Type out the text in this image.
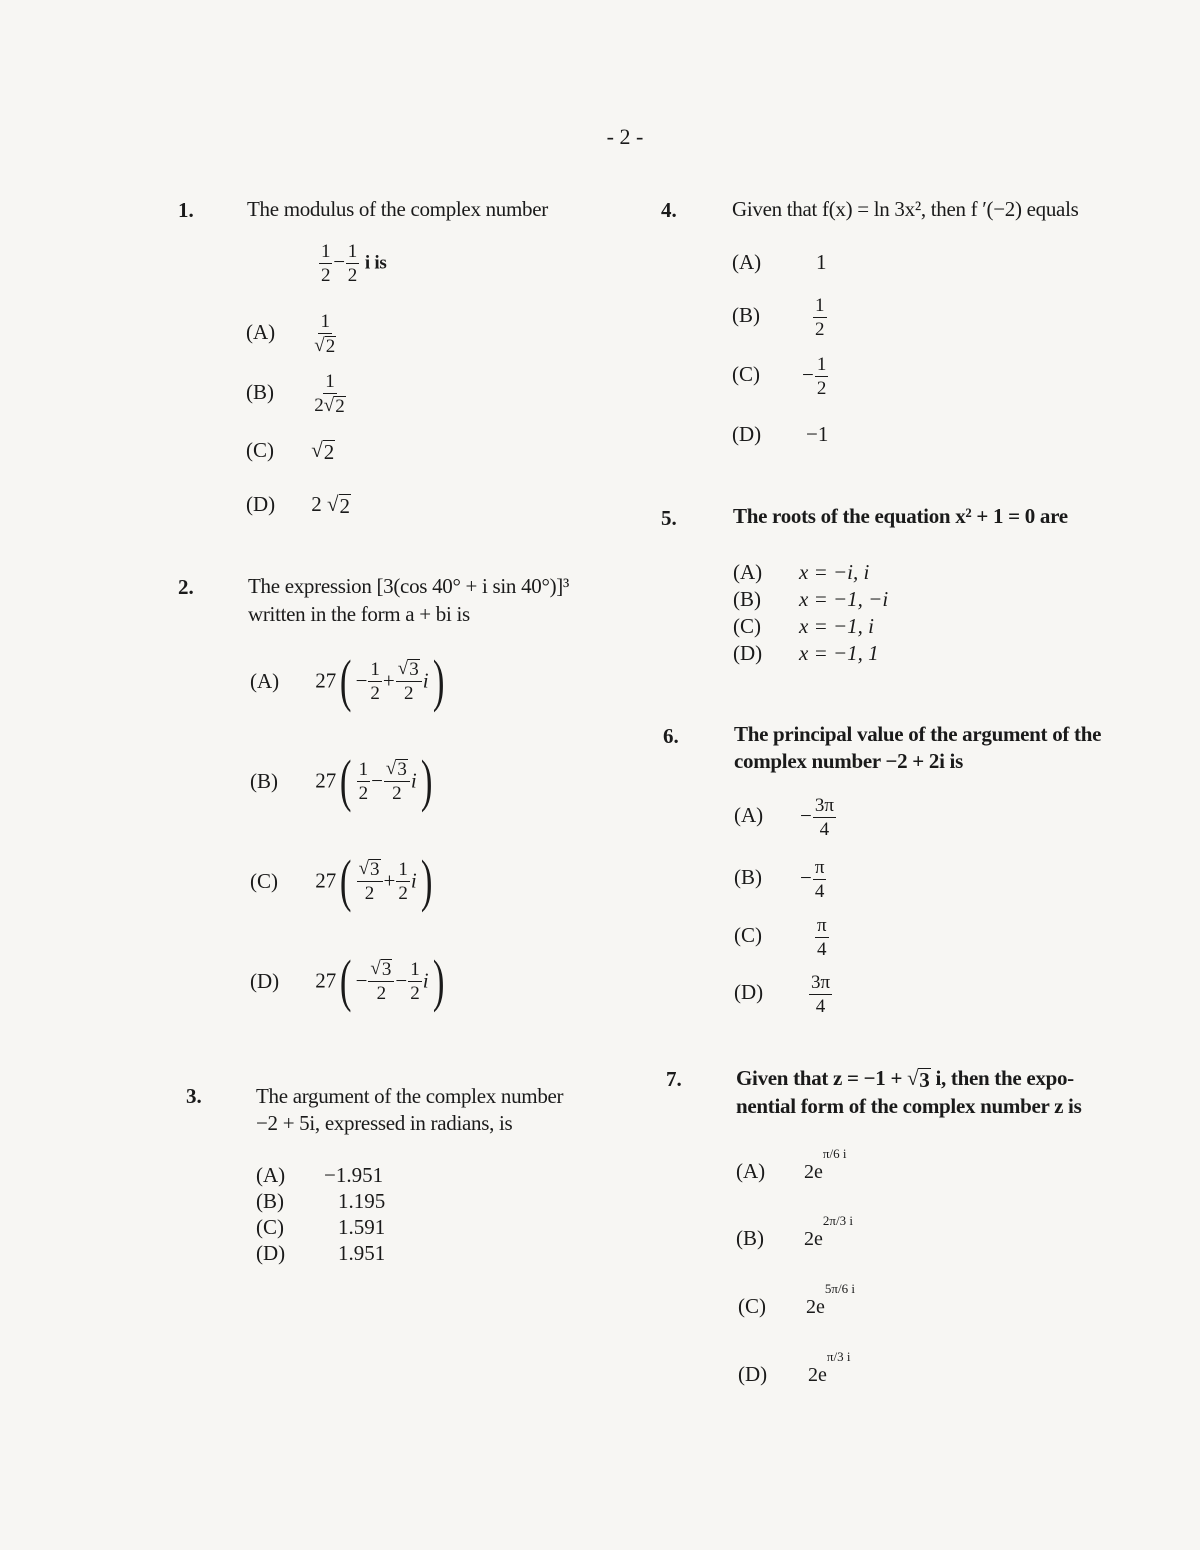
- 2 -
1.	The modulus of the complex number
$\frac{1}{2} - \frac{1}{2}$ i is
$(A) \frac{1}{√ 2}$
$(B) \frac{1}{2 √ 2}$
(C) √ 2
(D) 2 √ 2
2.	The expression [3(cos 40° + i sin 40°)]³
written in the form a + bi is
(A) $27( - \frac{1}{2} + \frac{√ 3}{2} i)$
(B) $27( \frac{1}{2} - \frac{√ 3}{2} i)$
(C) $27( \frac{√ 3}{2} + \frac{1}{2} i)$
(D) $27( - \frac{√ 3}{2} - \frac{1}{2} i)$
3.	The argument of the complex number
−2 + 5i, expressed in radians, is
(A) −1.951
(B)	1.195
(C)	1.591
(D)	1.951
4.	Given that f(x) = ln 3x², then f ′(−2) equals
(A)	1
(B)	$\frac{1}{2}$
$(C) - \frac{1}{2}$
(D) −1
5.	The roots of the equation x² + 1 = 0 are
(A) x = −i, i
(B) x = −1, −i
(C) x = −1, i
(D) x = −1, 1
6.	The principal value of the argument of the
complex number −2 + 2i is
$(A) - \frac{3\pi}{4}$
$(B) - \frac{\pi}{4}$
(C)	$\frac{\pi}{4}$
$(D) \frac{3\pi}{4}$
7.	Given that z = −1 + √ 3 i, then the expo-
nential form of the complex number z is
(A) $2e^{\pi/6 i}$
(B) $2e^{2\pi/3 i}$
(C) $2e^{5\pi/6 i}$
(D) $2e^{\pi/3 i}$
